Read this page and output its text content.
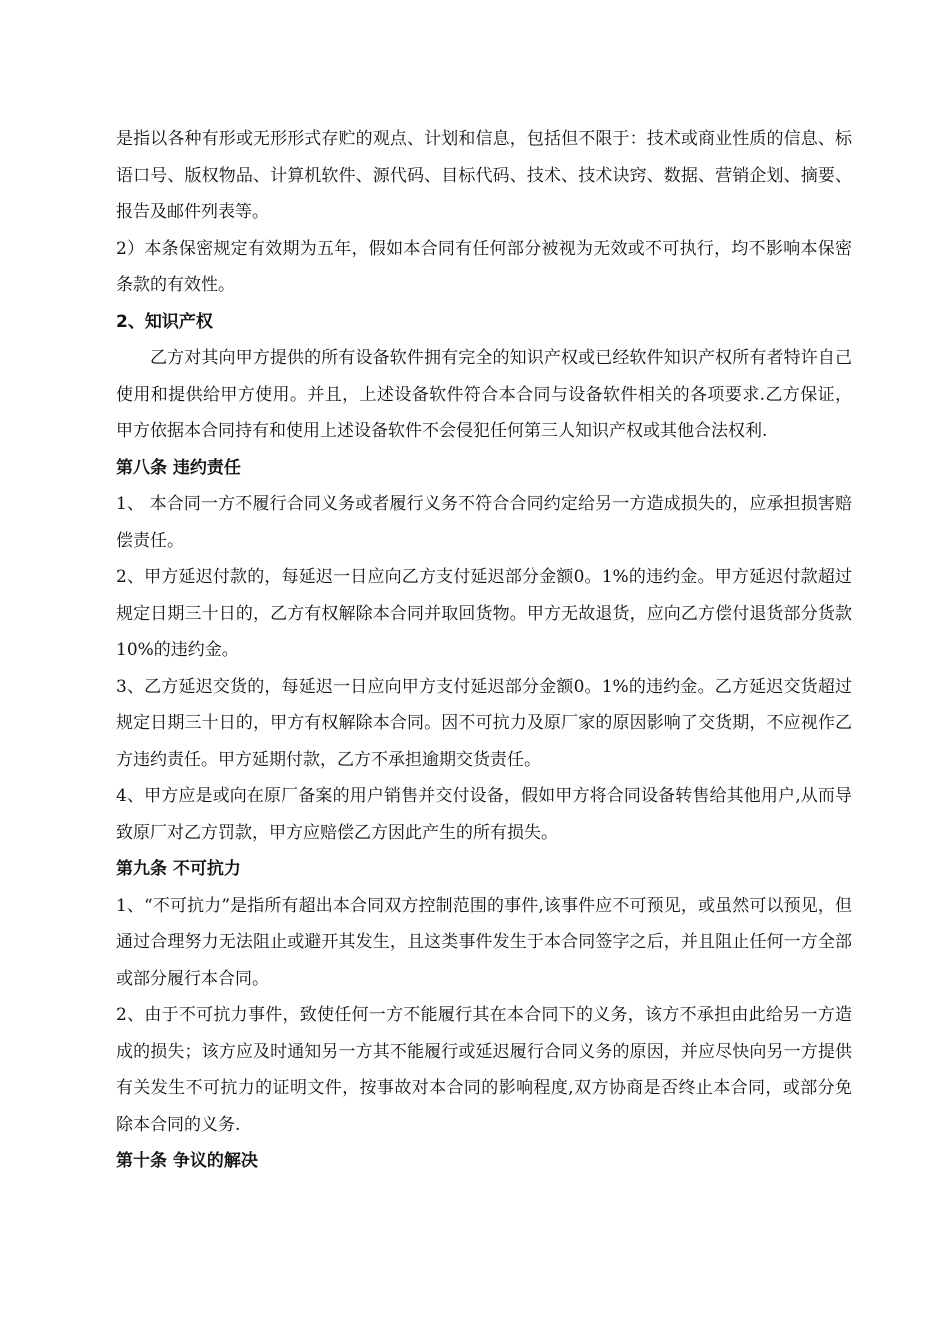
是指以各种有形或无形形式存贮的观点、计划和信息，包括但不限于：技术或商业性质的信息、标语口号、版权物品、计算机软件、源代码、目标代码、技术、技术诀窍、数据、营销企划、摘要、报告及邮件列表等。

2）本条保密规定有效期为五年，假如本合同有任何部分被视为无效或不可执行，均不影响本保密条款的有效性。

2、知识产权

乙方对其向甲方提供的所有设备软件拥有完全的知识产权或已经软件知识产权所有者特许自己使用和提供给甲方使用。并且，上述设备软件符合本合同与设备软件相关的各项要求.乙方保证，甲方依据本合同持有和使用上述设备软件不会侵犯任何第三人知识产权或其他合法权利.

第八条 违约责任

1、 本合同一方不履行合同义务或者履行义务不符合合同约定给另一方造成损失的，应承担损害赔偿责任。

2、甲方延迟付款的，每延迟一日应向乙方支付延迟部分金额0。1%的违约金。甲方延迟付款超过规定日期三十日的，乙方有权解除本合同并取回货物。甲方无故退货，应向乙方偿付退货部分货款10%的违约金。

3、乙方延迟交货的，每延迟一日应向甲方支付延迟部分金额0。1%的违约金。乙方延迟交货超过规定日期三十日的，甲方有权解除本合同。因不可抗力及原厂家的原因影响了交货期，不应视作乙方违约责任。甲方延期付款，乙方不承担逾期交货责任。

4、甲方应是或向在原厂备案的用户销售并交付设备，假如甲方将合同设备转售给其他用户,从而导致原厂对乙方罚款，甲方应赔偿乙方因此产生的所有损失。

第九条 不可抗力

1、“不可抗力”是指所有超出本合同双方控制范围的事件,该事件应不可预见，或虽然可以预见，但通过合理努力无法阻止或避开其发生，且这类事件发生于本合同签字之后，并且阻止任何一方全部或部分履行本合同。

2、由于不可抗力事件，致使任何一方不能履行其在本合同下的义务，该方不承担由此给另一方造成的损失；该方应及时通知另一方其不能履行或延迟履行合同义务的原因，并应尽快向另一方提供有关发生不可抗力的证明文件，按事故对本合同的影响程度,双方协商是否终止本合同，或部分免除本合同的义务.

第十条 争议的解决
